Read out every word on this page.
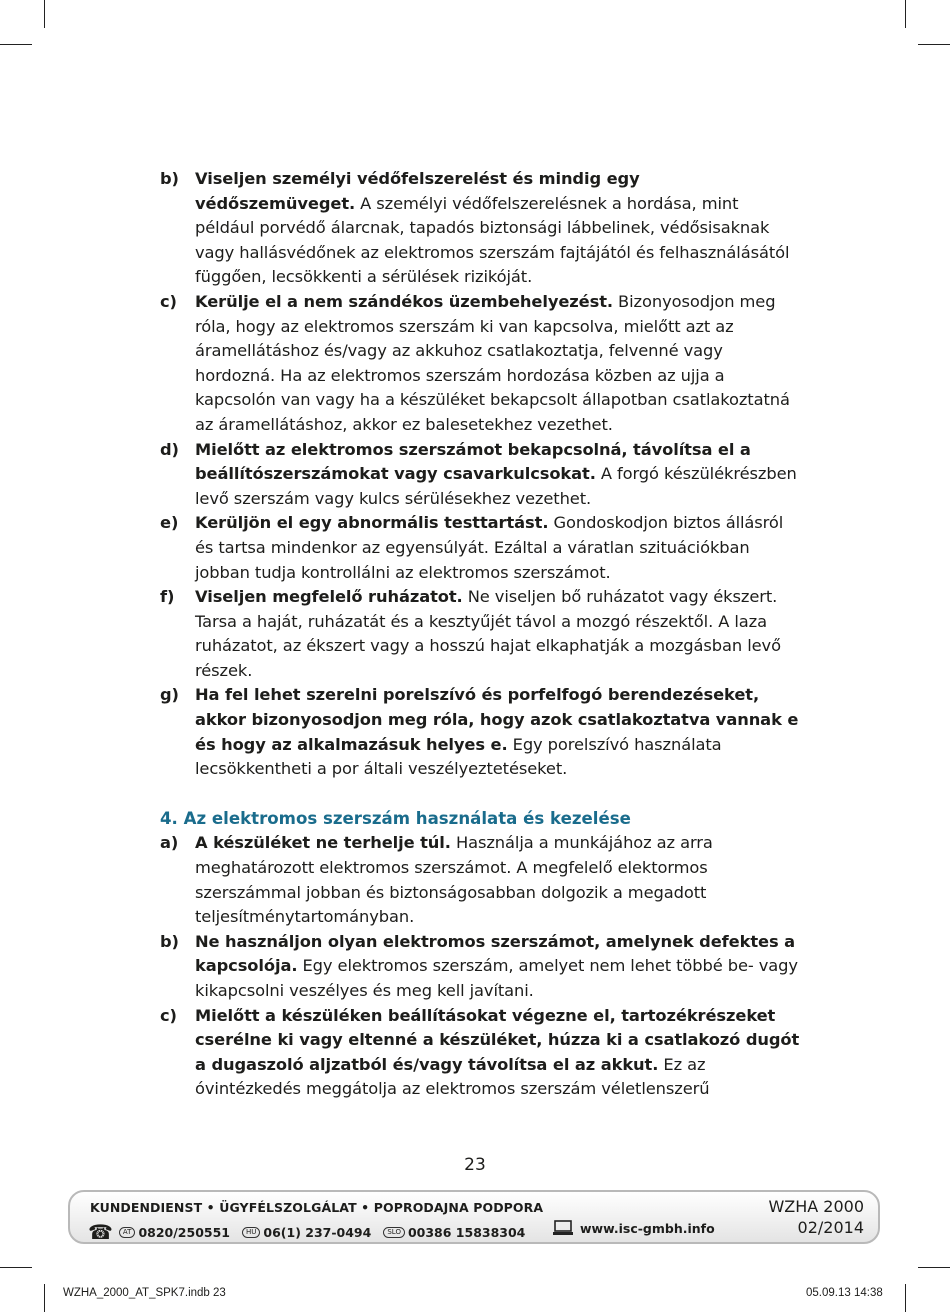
b) Viseljen személyi védőfelszerelést és mindig egy védőszemüveget. A személyi védőfelszerelésnek a hordása, mint például porvédő álarcnak, tapadós biztonsági lábbelinek, védősisaknak vagy hallásvédőnek az elektromos szerszám fajtájától és felhasználásától függően, lecsökkenti a sérülések rizikóját.
c) Kerülje el a nem szándékos üzembehelyezést. Bizonyosodjon meg róla, hogy az elektromos szerszám ki van kapcsolva, mielőtt azt az áramellátáshoz és/vagy az akkuhoz csatlakoztatja, felvenné vagy hordozná. Ha az elektromos szerszám hordozása közben az ujja a kapcsolón van vagy ha a készüléket bekapcsolt állapotban csatlakoztatná az áramellátáshoz, akkor ez balesetekhez vezethet.
d) Mielőtt az elektromos szerszámot bekapcsolná, távolítsa el a beállítószerszámokat vagy csavarkulcsokat. A forgó készülékrészben levő szerszám vagy kulcs sérülésekhez vezethet.
e) Kerüljön el egy abnormális testtartást. Gondoskodjon biztos állásról és tartsa mindenkor az egyensúlyát. Ezáltal a váratlan szituációkban jobban tudja kontrollálni az elektromos szerszámot.
f) Viseljen megfelelő ruházatot. Ne viseljen bő ruházatot vagy ékszert. Tarsa a haját, ruházatát és a kesztyűjét távol a mozgó részektől. A laza ruházatot, az ékszert vagy a hosszú hajat elkaphatják a mozgásban levő részek.
g) Ha fel lehet szerelni porelszívó és porfelfogó berendezéseket, akkor bizonyosodjon meg róla, hogy azok csatlakoztatva vannak e és hogy az alkalmazásuk helyes e. Egy porelszívó használata lecsökkentheti a por általi veszélyeztetéseket.
4. Az elektromos szerszám használata és kezelése
a) A készüléket ne terhelje túl. Használja a munkájához az arra meghatározott elektromos szerszámot. A megfelelő elektormos szerszámmal jobban és biztonságosabban dolgozik a megadott teljesítménytartományban.
b) Ne használjon olyan elektromos szerszámot, amelynek defektes a kapcsolója. Egy elektromos szerszám, amelyet nem lehet többé be- vagy kikapcsolni veszélyes és meg kell javítani.
c) Mielőtt a készüléken beállításokat végezne el, tartozékrészeket cserélne ki vagy eltenné a készüléket, húzza ki a csatlakozó dugót a dugaszoló aljzatból és/vagy távolítsa el az akkut. Ez az óvintézkedés meggátolja az elektromos szerszám véletlenszerű
23
KUNDENDIENST • ÜGYFÉLSZOLGÁLAT • POPRODAJNA PODPORA
☎	AT 0820/250551	HU 06(1) 237-0494	SLO 00386 15838304	www.isc-gmbh.info
WZHA 2000
02/2014
WZHA_2000_AT_SPK7.indb 23	05.09.13 14:38
